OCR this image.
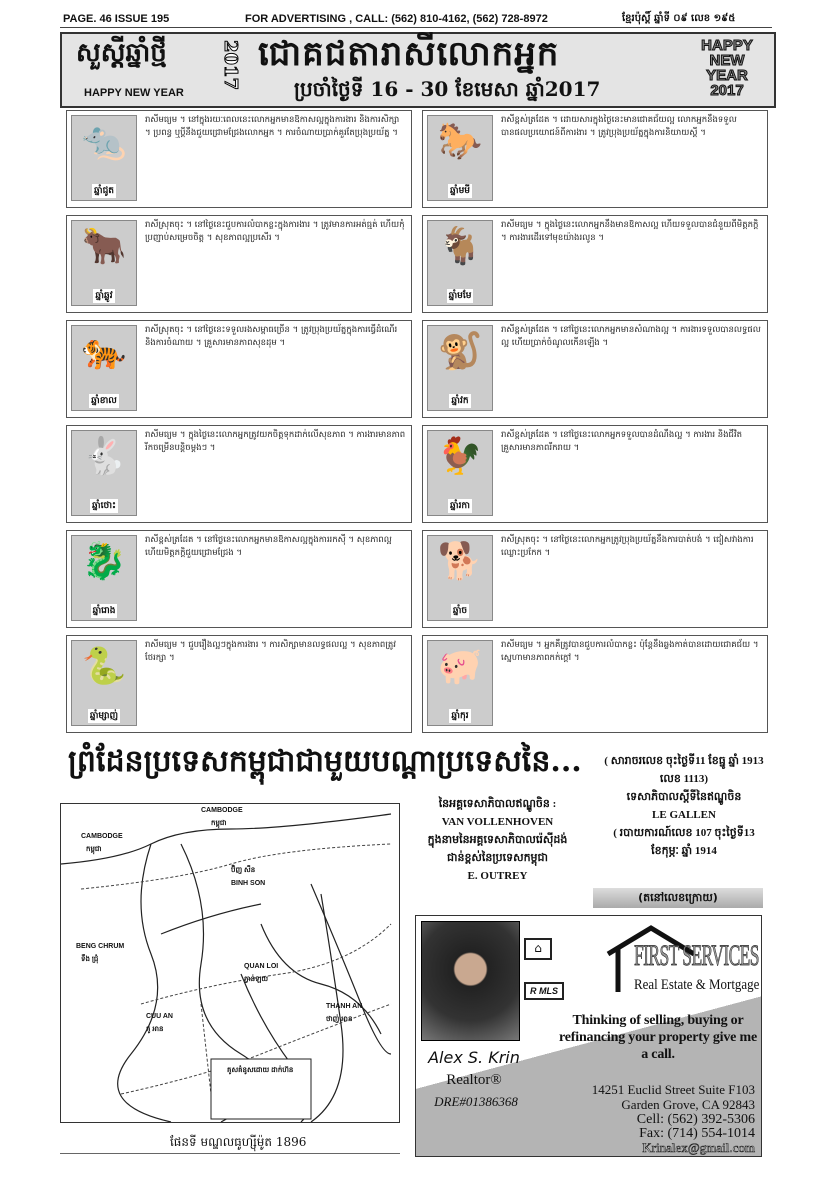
PAGE. 46 ISSUE 195	FOR ADVERTISING , CALL: (562) 810-4162, (562) 728-8972	ខ្មែរប៉ុស្តិ៍ ឆ្នាំទី ០៩ លេខ ១៩៥
សួស្តីឆ្នាំថ្មី	2017
HAPPY NEW YEAR
ជោគជតារាសីលោកអ្នក
ប្រចាំថ្ងៃទី 16 - 30 ខែមេសា ឆ្នាំ2017
HAPPY NEW YEAR 2017
🐀
ឆ្នាំជូត
រាសីមធ្យម ។ នៅក្នុងរយៈពេលនេះលោកអ្នកមានឱកាសល្អក្នុងការងារ និងការសិក្សា ។ ប្រពន្ធ ឬប្តីនឹងជួយជ្រោមជ្រែងលោកអ្នក ។ ការចំណាយប្រាក់គួរតែប្រុងប្រយ័ត្ន ។	🐎
ឆ្នាំមមី
រាសីខ្ពស់ត្រដែត ។ ដោយសារក្នុងថ្ងៃនេះមានជោគជ័យល្អ លោកអ្នកនឹងទទួលបានផលប្រយោជន៍ពីការងារ ។ ត្រូវប្រុងប្រយ័ត្នក្នុងការនិយាយស្តី ។
🐂
ឆ្នាំឆ្លូវ
រាសីស្រុតចុះ ។ នៅថ្ងៃនេះជួបការលំបាកខ្លះក្នុងការងារ ។ ត្រូវមានការអត់ធ្មត់ ហើយកុំប្រញាប់សម្រេចចិត្ត ។ សុខភាពល្អប្រសើរ ។	🐐
ឆ្នាំមមែ
រាសីមធ្យម ។ ក្នុងថ្ងៃនេះលោកអ្នកនឹងមានឱកាសល្អ ហើយទទួលបានជំនួយពីមិត្តភក្តិ ។ ការងារដើរទៅមុខយ៉ាងរលូន ។
🐅
ឆ្នាំខាល
រាសីស្រុតចុះ ។ នៅថ្ងៃនេះទទួលរងសម្ពាធច្រើន ។ ត្រូវប្រុងប្រយ័ត្នក្នុងការធ្វើដំណើរ និងការចំណាយ ។ គ្រួសារមានភាពសុខដុម ។	🐒
ឆ្នាំវក
រាសីខ្ពស់ត្រដែត ។ នៅថ្ងៃនេះលោកអ្នកមានសំណាងល្អ ។ ការងារទទួលបានលទ្ធផលល្អ ហើយប្រាក់ចំណូលកើនឡើង ។
🐇
ឆ្នាំថោះ
រាសីមធ្យម ។ ក្នុងថ្ងៃនេះលោកអ្នកត្រូវយកចិត្តទុកដាក់លើសុខភាព ។ ការងារមានភាពរីកចម្រើនបន្តិចម្តងៗ ។	🐓
ឆ្នាំរកា
រាសីខ្ពស់ត្រដែត ។ នៅថ្ងៃនេះលោកអ្នកទទួលបានដំណឹងល្អ ។ ការងារ និងជីវិតគ្រួសារមានភាពរីករាយ ។
🐉
ឆ្នាំរោង
រាសីខ្ពស់ត្រដែត ។ នៅថ្ងៃនេះលោកអ្នកមានឱកាសល្អក្នុងការរកស៊ី ។ សុខភាពល្អ ហើយមិត្តភក្តិជួយជ្រោមជ្រែង ។	🐕
ឆ្នាំច
រាសីស្រុតចុះ ។ នៅថ្ងៃនេះលោកអ្នកត្រូវប្រុងប្រយ័ត្ននឹងការបាត់បង់ ។ ជៀសវាងការឈ្លោះប្រកែក ។
🐍
ឆ្នាំម្សាញ់
រាសីមធ្យម ។ ជួបរឿងល្អៗក្នុងការងារ ។ ការសិក្សាមានលទ្ធផលល្អ ។ សុខភាពត្រូវថែរក្សា ។	🐖
ឆ្នាំកុរ
រាសីមធ្យម ។ អ្នកគឺត្រូវបានជួបការលំបាកខ្លះ ប៉ុន្តែនឹងឆ្លងកាត់បានដោយជោគជ័យ ។ ស្នេហាមានភាពកក់ក្តៅ ។
ព្រំដែនប្រទេសកម្ពុជាជាមួយបណ្តាប្រទេសនៃ...
CAMBODGE
កម្ពុជា
CAMBODGE
កម្ពុជា
ប៊ិញ សឺន
BINH SON
BENG CHRUM
ទឹង ជ្រុំ
QUAN LOI
ក្វាន់ឡយ
CUU AN
គូ អាន
THANH AN
ថាញ់ អាន
គូសគំនូសដោយ ដាក់ហ៊ន
ផែនទី មណ្ឌលធូហ្ស៊ីម៉ូត 1896
នៃអគ្គទេសាភិបាលឥណ្ឌូចិន :
VAN VOLLENHOVEN
ក្នុងនាមនៃអគ្គទេសាភិបាលរ៉េស៊ីដង់
ជាន់ខ្ពស់នៃប្រទេសកម្ពុជា
E. OUTREY
( សារាចរលេខ ចុះថ្ងៃទី11 ខែធ្នូ ឆ្នាំ 1913
លេខ 1113)
ទេសាភិបាលស្តីទីនៃឥណ្ឌូចិន
LE GALLEN
( របាយការណ៍លេខ 107 ចុះថ្ងៃទី13
ខែកុម្ភៈ ឆ្នាំ 1914
(តនៅលេខក្រោយ)
⌂
R MLS
FIRST SERVICES
Real Estate & Mortgage
Thinking of selling, buying or refinancing your property give me a call.
Alex S. Krin
Realtor®
DRE#01386368
14251 Euclid Street Suite F103
Garden Grove, CA 92843
Cell: (562) 392-5306
Fax: (714) 554-1014
Krinalex@gmail.com
